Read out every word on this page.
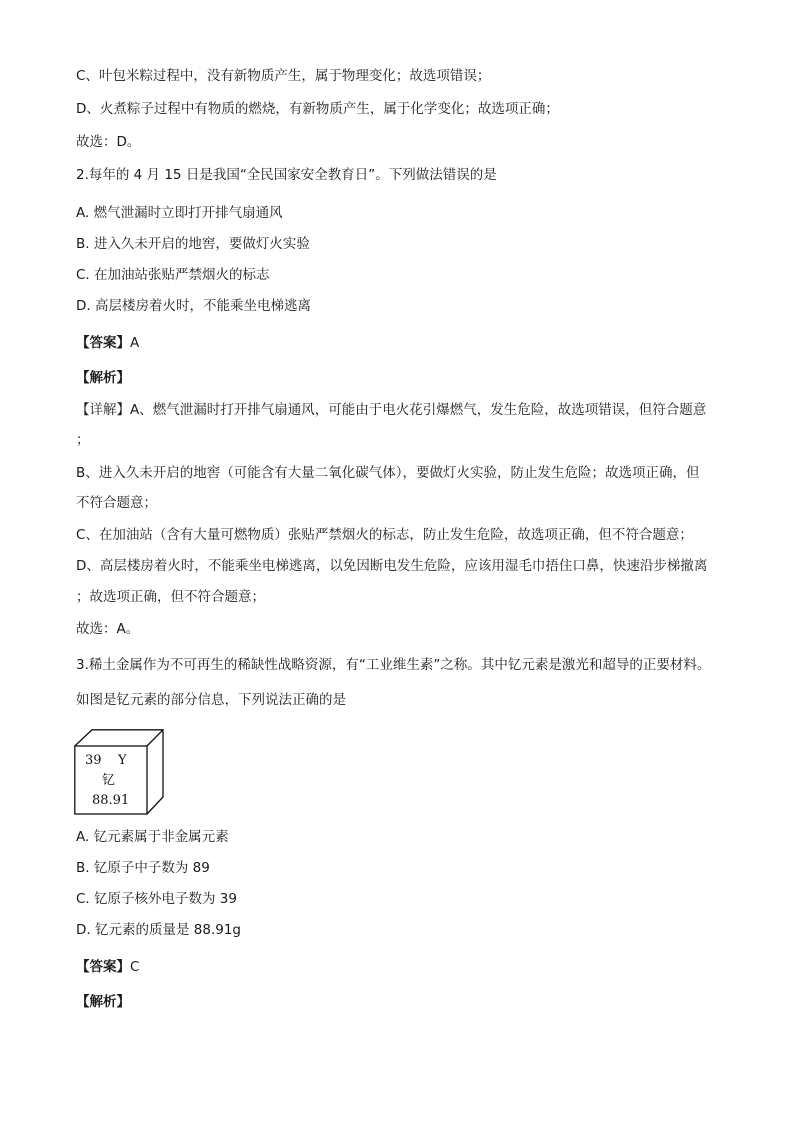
C、叶包米粽过程中，没有新物质产生，属于物理变化；故选项错误；
D、火煮粽子过程中有物质的燃烧，有新物质产生，属于化学变化；故选项正确；
故选：D。
2.每年的 4 月 15 日是我国“全民国家安全教育日”。下列做法错误的是
A. 燃气泄漏时立即打开排气扇通风
B. 进入久未开启的地窖，要做灯火实验
C. 在加油站张贴严禁烟火的标志
D. 高层楼房着火时，不能乘坐电梯逃离
【答案】A
【解析】
【详解】A、燃气泄漏时打开排气扇通风，可能由于电火花引爆燃气，发生危险，故选项错误，但符合题意
；
B、进入久未开启的地窖（可能含有大量二氧化碳气体），要做灯火实验，防止发生危险；故选项正确，但
不符合题意；
C、在加油站（含有大量可燃物质）张贴严禁烟火的标志，防止发生危险，故选项正确，但不符合题意；
D、高层楼房着火时，不能乘坐电梯逃离，以免因断电发生危险，应该用湿毛巾捂住口鼻，快速沿步梯撤离
；故选项正确，但不符合题意；
故选：A。
3.稀土金属作为不可再生的稀缺性战略资源，有“工业维生素”之称。其中钇元素是激光和超导的正要材料。
如图是钇元素的部分信息，下列说法正确的是
39 Y
钇
88.91
A. 钇元素属于非金属元素
B. 钇原子中子数为 89
C. 钇原子核外电子数为 39
D. 钇元素的质量是 88.91g
【答案】C
【解析】
